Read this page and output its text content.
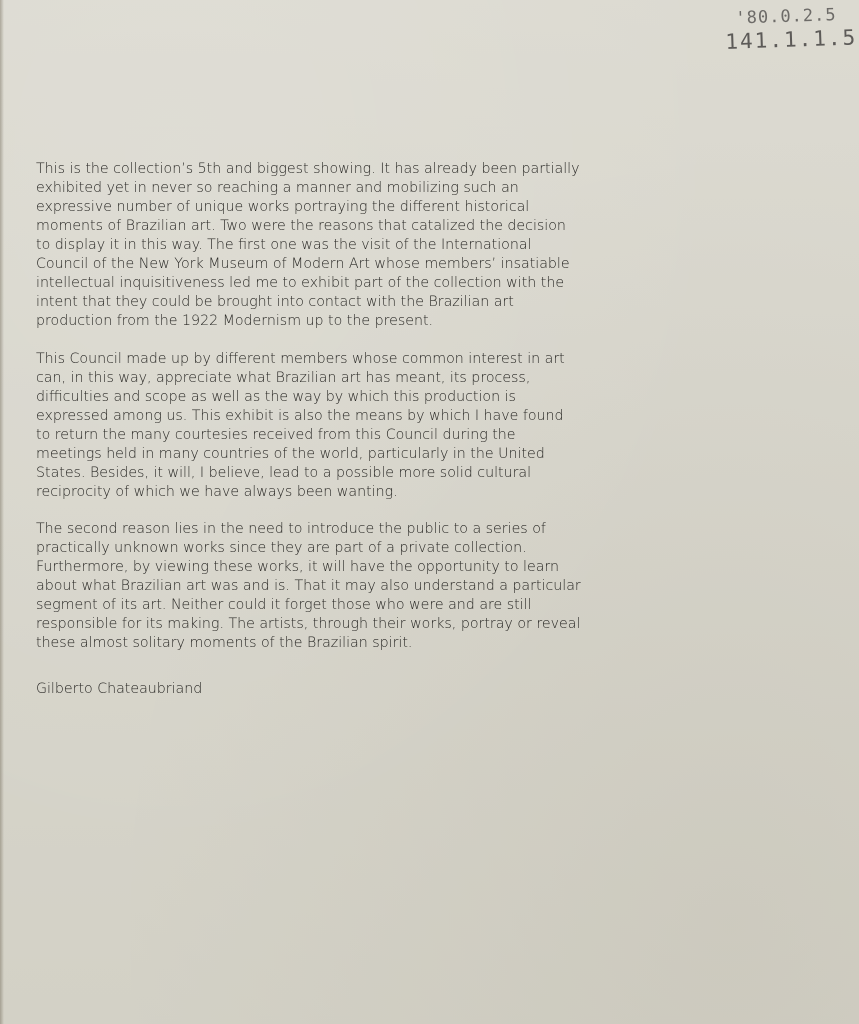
'80.0.2.5
141.1.1.5
This is the collection’s 5th and biggest showing. It has already been partially
exhibited yet in never so reaching a manner and mobilizing such an
expressive number of unique works portraying the different historical
moments of Brazilian art. Two were the reasons that catalized the decision
to display it in this way. The first one was the visit of the International
Council of the New York Museum of Modern Art whose members’ insatiable
intellectual inquisitiveness led me to exhibit part of the collection with the
intent that they could be brought into contact with the Brazilian art
production from the 1922 Modernism up to the present.
This Council made up by different members whose common interest in art
can, in this way, appreciate what Brazilian art has meant, its process,
difficulties and scope as well as the way by which this production is
expressed among us. This exhibit is also the means by which I have found
to return the many courtesies received from this Council during the
meetings held in many countries of the world, particularly in the United
States. Besides, it will, I believe, lead to a possible more solid cultural
reciprocity of which we have always been wanting.
The second reason lies in the need to introduce the public to a series of
practically unknown works since they are part of a private collection.
Furthermore, by viewing these works, it will have the opportunity to learn
about what Brazilian art was and is. That it may also understand a particular
segment of its art. Neither could it forget those who were and are still
responsible for its making. The artists, through their works, portray or reveal
these almost solitary moments of the Brazilian spirit.
Gilberto Chateaubriand
